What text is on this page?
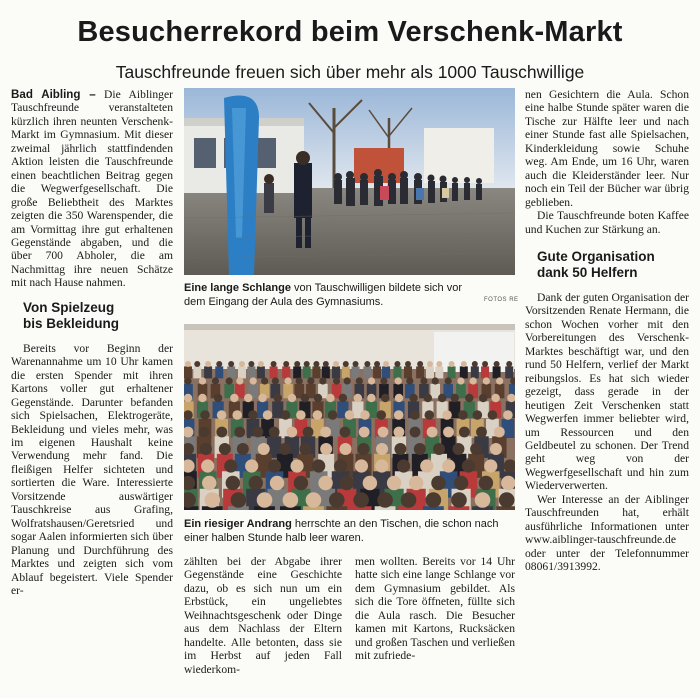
Besucherrekord beim Verschenk-Markt
Tauschfreunde freuen sich über mehr als 1000 Tauschwillige

Bad Aibling – Die Aiblinger Tauschfreunde veranstalteten kürzlich ihren neunten Verschenk-Markt im Gymnasium. Mit dieser zweimal jährlich stattfindenden Aktion leisten die Tauschfreunde einen beachtlichen Beitrag gegen die Wegwerfgesellschaft. Die große Beliebtheit des Marktes zeigten die 350 Warenspender, die am Vormittag ihre gut erhaltenen Gegenstände abgaben, und die über 700 Abholer, die am Nachmittag ihre neuen Schätze mit nach Hause nahmen.

Von Spielzeug
bis Bekleidung

Bereits vor Beginn der Warenannahme um 10 Uhr kamen die ersten Spender mit ihren Kartons voller gut erhaltener Gegenstände. Darunter befanden sich Spielsachen, Elektrogeräte, Bekleidung und vieles mehr, was im eigenen Haushalt keine Verwendung mehr fand. Die fleißigen Helfer sichteten und sortierten die Ware. Interessierte Vorsitzende auswärtiger Tauschkreise aus Grafing, Wolfratshausen/Geretsried und sogar Aalen informierten sich über Planung und Durchführung des Marktes und zeigten sich vom Ablauf begeistert. Viele Spender er-

Eine lange Schlange von Tauschwilligen bildete sich vor dem Eingang der Aula des Gymnasiums.	FOTOS RE
Ein riesiger Andrang herrschte an den Tischen, die schon nach einer halben Stunde halb leer waren.

zählten bei der Abgabe ihrer Gegenstände eine Geschichte dazu, ob es sich nun um ein Erbstück, ein ungeliebtes Weihnachtsgeschenk oder Dinge aus dem Nachlass der Eltern handelte. Alle betonten, dass sie im Herbst auf jeden Fall wiederkom-

men wollten. Bereits vor 14 Uhr hatte sich eine lange Schlange vor dem Gymnasium gebildet. Als sich die Tore öffneten, füllte sich die Aula rasch. Die Besucher kamen mit Kartons, Rucksäcken und großen Taschen und verließen mit zufriede-

nen Gesichtern die Aula. Schon eine halbe Stunde später waren die Tische zur Hälfte leer und nach einer Stunde fast alle Spielsachen, Kinderkleidung sowie Schuhe weg. Am Ende, um 16 Uhr, waren auch die Kleiderständer leer. Nur noch ein Teil der Bücher war übrig geblieben.

Die Tauschfreunde boten Kaffee und Kuchen zur Stärkung an.

Gute Organisation
dank 50 Helfern

Dank der guten Organisation der Vorsitzenden Renate Hermann, die schon Wochen vorher mit den Vorbereitungen des Verschenk-Marktes beschäftigt war, und den rund 50 Helfern, verlief der Markt reibungslos. Es hat sich wieder gezeigt, dass gerade in der heutigen Zeit Verschenken statt Wegwerfen immer beliebter wird, um Ressourcen und den Geldbeutel zu schonen. Der Trend geht weg von der Wegwerfgesellschaft und hin zum Wiederverwerten.

Wer Interesse an der Aiblinger Tauschfreunden hat, erhält ausführliche Informationen unter www.aiblinger-tauschfreunde.de oder unter der Telefonnummer 08061/3913992.
